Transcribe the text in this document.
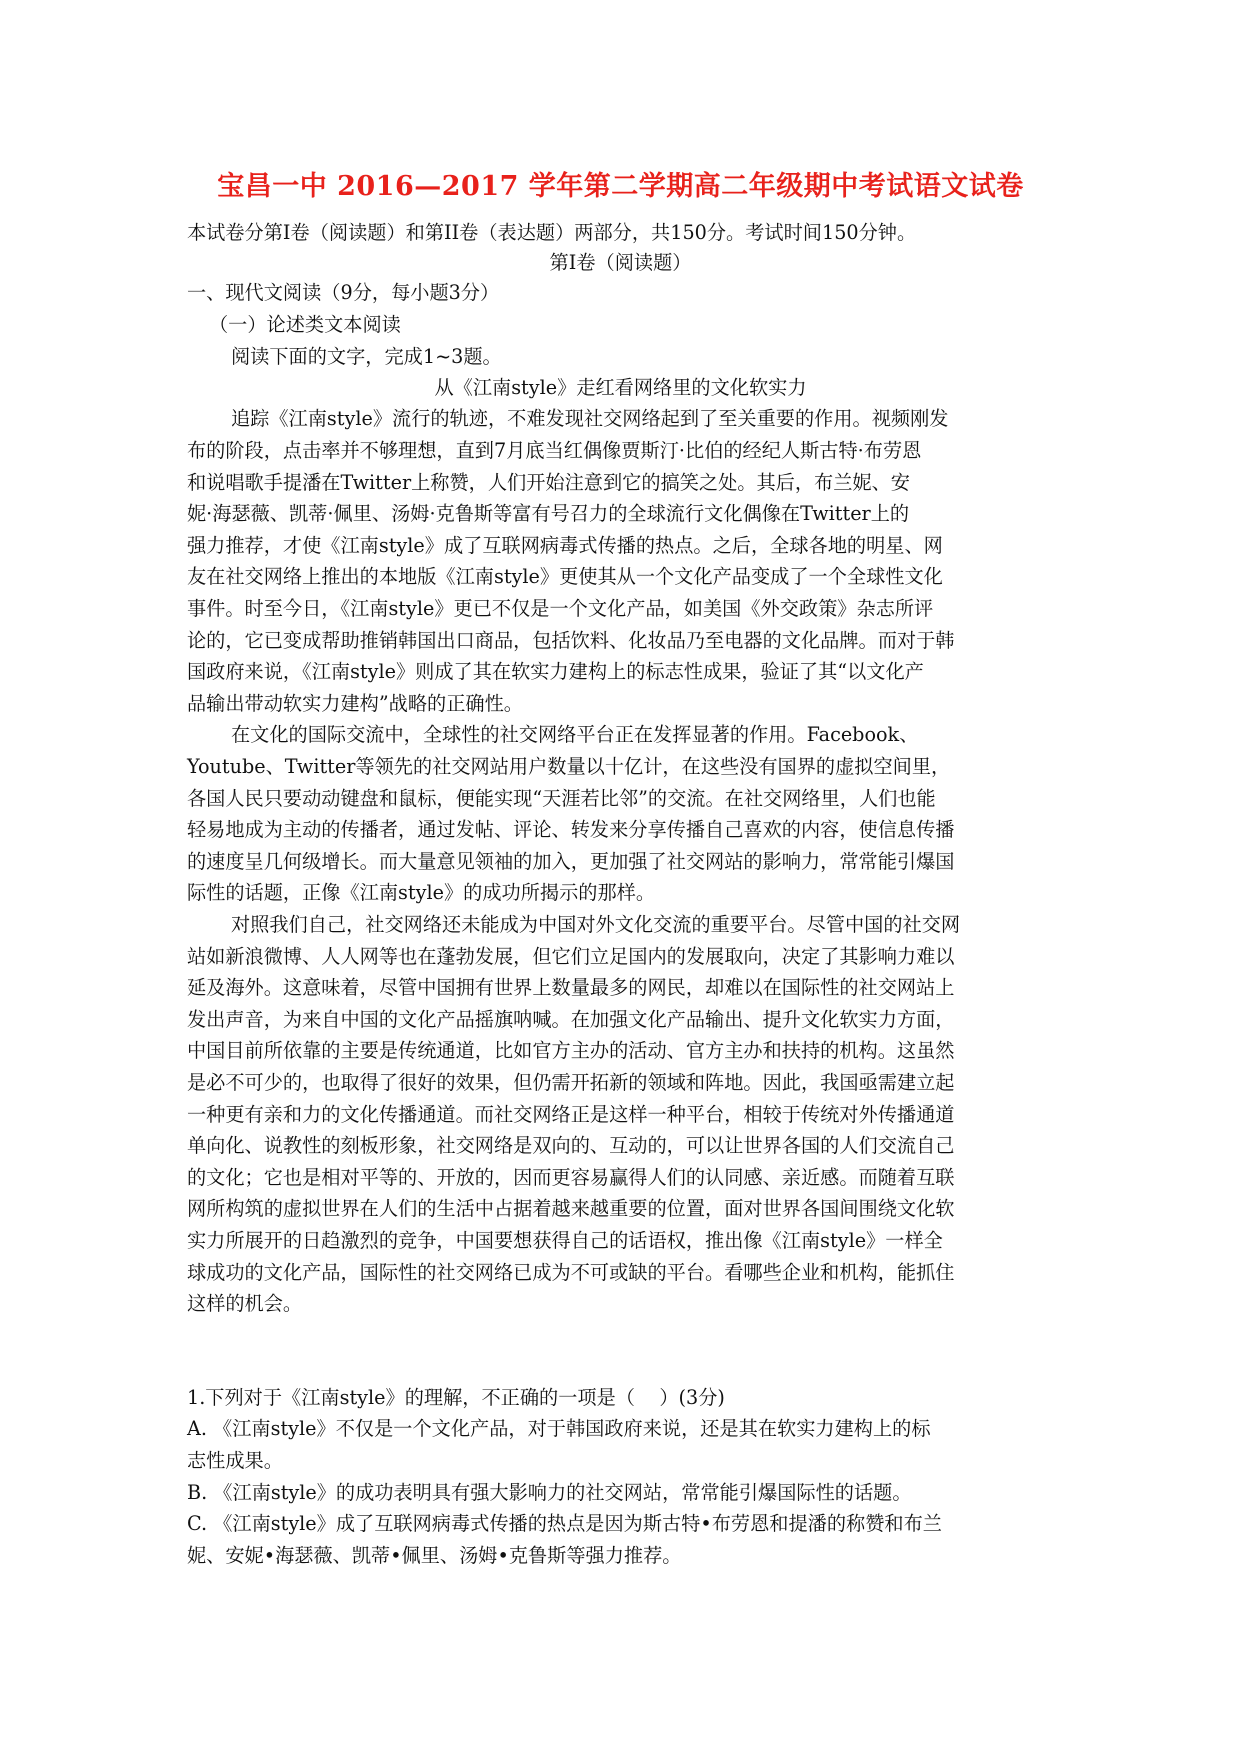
宝昌一中 2016—2017 学年第二学期高二年级期中考试语文试卷
本试卷分第Ⅰ卷（阅读题）和第II卷（表达题）两部分，共150分。考试时间150分钟。
第Ⅰ卷（阅读题）
一、现代文阅读（9分，每小题3分）
（一）论述类文本阅读
阅读下面的文字，完成1~3题。
从《江南style》走红看网络里的文化软实力
追踪《江南style》流行的轨迹，不难发现社交网络起到了至关重要的作用。视频刚发
布的阶段，点击率并不够理想，直到7月底当红偶像贾斯汀·比伯的经纪人斯古特·布劳恩
和说唱歌手提潘在Twitter上称赞，人们开始注意到它的搞笑之处。其后，布兰妮、安
妮·海瑟薇、凯蒂·佩里、汤姆·克鲁斯等富有号召力的全球流行文化偶像在Twitter上的
强力推荐，才使《江南style》成了互联网病毒式传播的热点。之后，全球各地的明星、网
友在社交网络上推出的本地版《江南style》更使其从一个文化产品变成了一个全球性文化
事件。时至今日，《江南style》更已不仅是一个文化产品，如美国《外交政策》杂志所评
论的，它已变成帮助推销韩国出口商品，包括饮料、化妆品乃至电器的文化品牌。而对于韩
国政府来说，《江南style》则成了其在软实力建构上的标志性成果，验证了其“以文化产
品输出带动软实力建构”战略的正确性。
在文化的国际交流中，全球性的社交网络平台正在发挥显著的作用。Facebook、
Youtube、Twitter等领先的社交网站用户数量以十亿计，在这些没有国界的虚拟空间里，
各国人民只要动动键盘和鼠标，便能实现“天涯若比邻”的交流。在社交网络里，人们也能
轻易地成为主动的传播者，通过发帖、评论、转发来分享传播自己喜欢的内容，使信息传播
的速度呈几何级增长。而大量意见领袖的加入，更加强了社交网站的影响力，常常能引爆国
际性的话题，正像《江南style》的成功所揭示的那样。
对照我们自己，社交网络还未能成为中国对外文化交流的重要平台。尽管中国的社交网
站如新浪微博、人人网等也在蓬勃发展，但它们立足国内的发展取向，决定了其影响力难以
延及海外。这意味着，尽管中国拥有世界上数量最多的网民，却难以在国际性的社交网站上
发出声音，为来自中国的文化产品摇旗呐喊。在加强文化产品输出、提升文化软实力方面，
中国目前所依靠的主要是传统通道，比如官方主办的活动、官方主办和扶持的机构。这虽然
是必不可少的，也取得了很好的效果，但仍需开拓新的领域和阵地。因此，我国亟需建立起
一种更有亲和力的文化传播通道。而社交网络正是这样一种平台，相较于传统对外传播通道
单向化、说教性的刻板形象，社交网络是双向的、互动的，可以让世界各国的人们交流自己
的文化；它也是相对平等的、开放的，因而更容易赢得人们的认同感、亲近感。而随着互联
网所构筑的虚拟世界在人们的生活中占据着越来越重要的位置，面对世界各国间围绕文化软
实力所展开的日趋激烈的竞争，中国要想获得自己的话语权，推出像《江南style》一样全
球成功的文化产品，国际性的社交网络已成为不可或缺的平台。看哪些企业和机构，能抓住
这样的机会。
1.下列对于《江南style》的理解，不正确的一项是（    ）(3分)
A. 《江南style》不仅是一个文化产品，对于韩国政府来说，还是其在软实力建构上的标
志性成果。
B. 《江南style》的成功表明具有强大影响力的社交网站，常常能引爆国际性的话题。
C. 《江南style》成了互联网病毒式传播的热点是因为斯古特•布劳恩和提潘的称赞和布兰
妮、安妮•海瑟薇、凯蒂•佩里、汤姆•克鲁斯等强力推荐。
